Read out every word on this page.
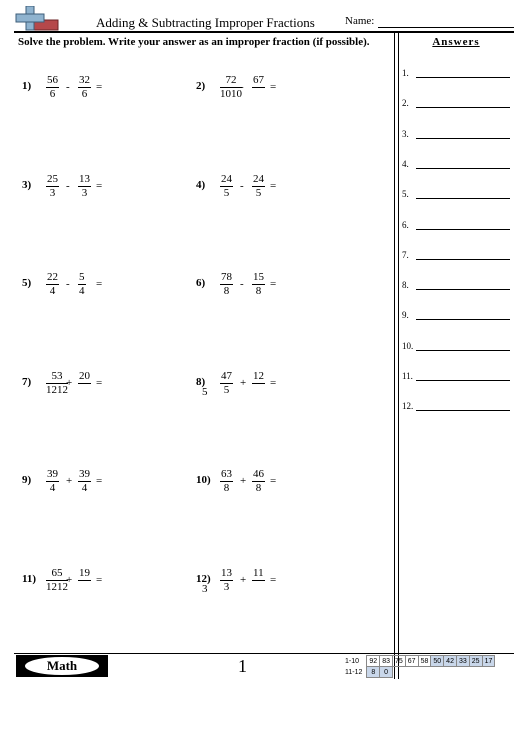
Adding & Subtracting Improper Fractions	Name:
Solve the problem. Write your answer as an improper fraction (if possible).	Answers
1.
2.
3.
4.
5.
6.
7.
8.
9.
10.
11.
12.
$1) \frac{56}{6} - \frac{32}{6}$ =	$2) \frac{72}{1010}$
-
67
=
$3) \frac{25}{3} - \frac{13}{3}$ =	$4) \frac{24}{5} - \frac{24}{5}$ =
$5) \frac{22}{4} - \frac{5}{4}$ =	$6) \frac{78}{8} - \frac{15}{8}$ =
$7) \frac{53}{1212}$
+
20
=	8)
$5 \frac{47}{5}$ +
12
=
$9) \frac{39}{4} + \frac{39}{4}$ =	$10) \frac{63}{8} + \frac{46}{8}$ =
$11) \frac{65}{1212}$
+
19
=	12)
$3 \frac{13}{3}$ +
11
=
Math	1	1-10	92	83	75	67	58	50	42	33	25	17
11-12	8	0								
